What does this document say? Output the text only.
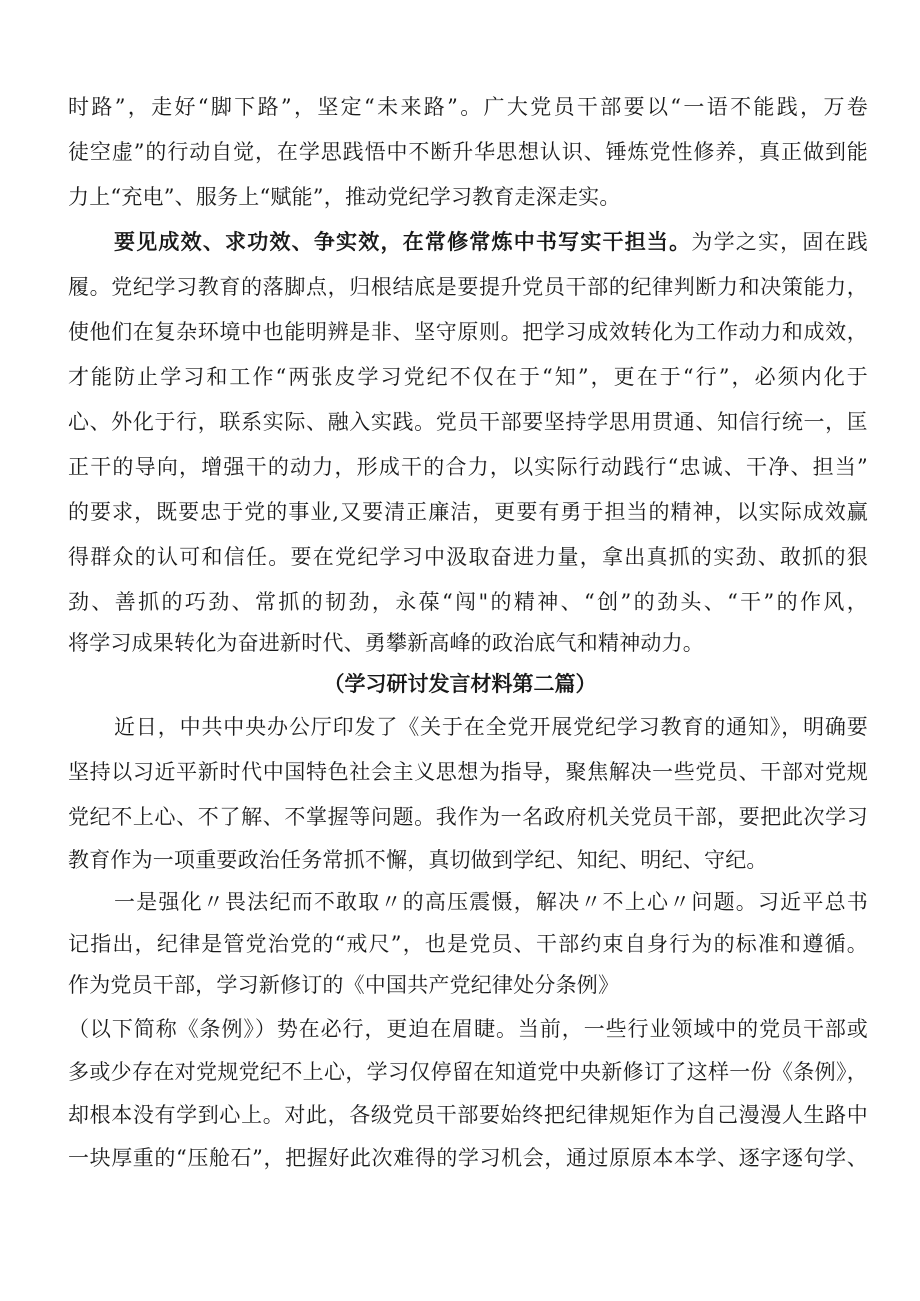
时路”，走好“脚下路”，坚定“未来路”。广大党员干部要以“一语不能践，万卷
徒空虚”的行动自觉，在学思践悟中不断升华思想认识、锤炼党性修养，真正做到能
力上“充电”、服务上“赋能”，推动党纪学习教育走深走实。
要见成效、求功效、争实效，在常修常炼中书写实干担当。为学之实，固在践
履。党纪学习教育的落脚点，归根结底是要提升党员干部的纪律判断力和决策能力，
使他们在复杂环境中也能明辨是非、坚守原则。把学习成效转化为工作动力和成效，
才能防止学习和工作“两张皮学习党纪不仅在于“知”，更在于“行”，必须内化于
心、外化于行，联系实际、融入实践。党员干部要坚持学思用贯通、知信行统一，匡
正干的导向，增强干的动力，形成干的合力，以实际行动践行“忠诚、干净、担当”
的要求，既要忠于党的事业,又要清正廉洁，更要有勇于担当的精神，以实际成效赢
得群众的认可和信任。要在党纪学习中汲取奋进力量，拿出真抓的实劲、敢抓的狠
劲、善抓的巧劲、常抓的韧劲，永葆“闯"的精神、“创”的劲头、“干”的作风，
将学习成果转化为奋进新时代、勇攀新高峰的政治底气和精神动力。
（学习研讨发言材料第二篇）
近日，中共中央办公厅印发了《关于在全党开展党纪学习教育的通知》，明确要
坚持以习近平新时代中国特色社会主义思想为指导，聚焦解决一些党员、干部对党规
党纪不上心、不了解、不掌握等问题。我作为一名政府机关党员干部，要把此次学习
教育作为一项重要政治任务常抓不懈，真切做到学纪、知纪、明纪、守纪。
一是强化〃畏法纪而不敢取〃的高压震慑，解决〃不上心〃问题。习近平总书
记指出，纪律是管党治党的“戒尺”，也是党员、干部约束自身行为的标准和遵循。
作为党员干部，学习新修订的《中国共产党纪律处分条例》
（以下简称《条例》）势在必行，更迫在眉睫。当前，一些行业领域中的党员干部或
多或少存在对党规党纪不上心，学习仅停留在知道党中央新修订了这样一份《条例》，
却根本没有学到心上。对此，各级党员干部要始终把纪律规矩作为自己漫漫人生路中
一块厚重的“压舱石”，把握好此次难得的学习机会，通过原原本本学、逐字逐句学、
